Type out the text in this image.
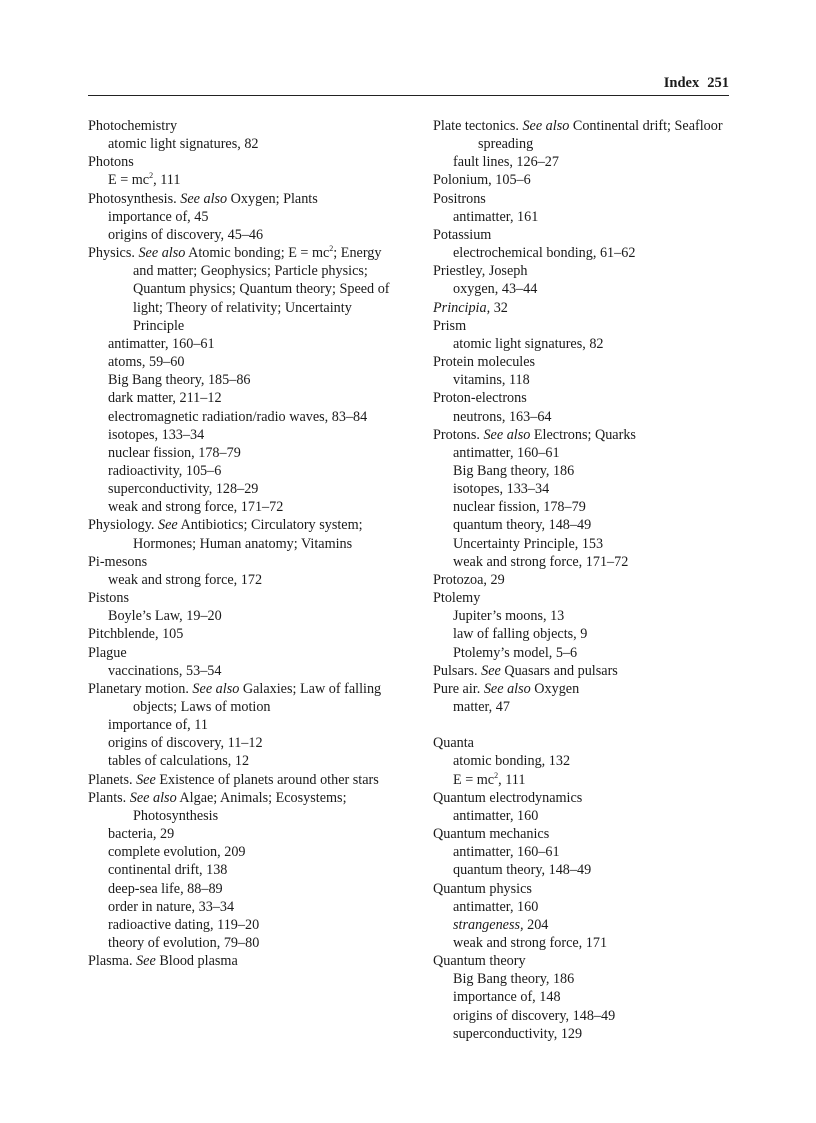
Index 251
Photochemistry
atomic light signatures, 82
Photons
$E = mc^2$, 111
Photosynthesis. See also Oxygen; Plants
importance of, 45
origins of discovery, 45–46
Physics. See also Atomic bonding; $E = mc^2$; Energy and matter; Geophysics; Particle physics; Quantum physics; Quantum theory; Speed of light; Theory of relativity; Uncertainty Principle
antimatter, 160–61
atoms, 59–60
Big Bang theory, 185–86
dark matter, 211–12
electromagnetic radiation/radio waves, 83–84
isotopes, 133–34
nuclear fission, 178–79
radioactivity, 105–6
superconductivity, 128–29
weak and strong force, 171–72
Physiology. See Antibiotics; Circulatory system; Hormones; Human anatomy; Vitamins
Pi-mesons
weak and strong force, 172
Pistons
Boyle’s Law, 19–20
Pitchblende, 105
Plague
vaccinations, 53–54
Planetary motion. See also Galaxies; Law of falling objects; Laws of motion
importance of, 11
origins of discovery, 11–12
tables of calculations, 12
Planets. See Existence of planets around other stars
Plants. See also Algae; Animals; Ecosystems; Photosynthesis
bacteria, 29
complete evolution, 209
continental drift, 138
deep-sea life, 88–89
order in nature, 33–34
radioactive dating, 119–20
theory of evolution, 79–80
Plasma. See Blood plasma
Plate tectonics. See also Continental drift; Seafloor spreading
fault lines, 126–27
Polonium, 105–6
Positrons
antimatter, 161
Potassium
electrochemical bonding, 61–62
Priestley, Joseph
oxygen, 43–44
Principia, 32
Prism
atomic light signatures, 82
Protein molecules
vitamins, 118
Proton-electrons
neutrons, 163–64
Protons. See also Electrons; Quarks
antimatter, 160–61
Big Bang theory, 186
isotopes, 133–34
nuclear fission, 178–79
quantum theory, 148–49
Uncertainty Principle, 153
weak and strong force, 171–72
Protozoa, 29
Ptolemy
Jupiter’s moons, 13
law of falling objects, 9
Ptolemy’s model, 5–6
Pulsars. See Quasars and pulsars
Pure air. See also Oxygen
matter, 47
Quanta
atomic bonding, 132
$E = mc^2$, 111
Quantum electrodynamics
antimatter, 160
Quantum mechanics
antimatter, 160–61
quantum theory, 148–49
Quantum physics
antimatter, 160
strangeness, 204
weak and strong force, 171
Quantum theory
Big Bang theory, 186
importance of, 148
origins of discovery, 148–49
superconductivity, 129
